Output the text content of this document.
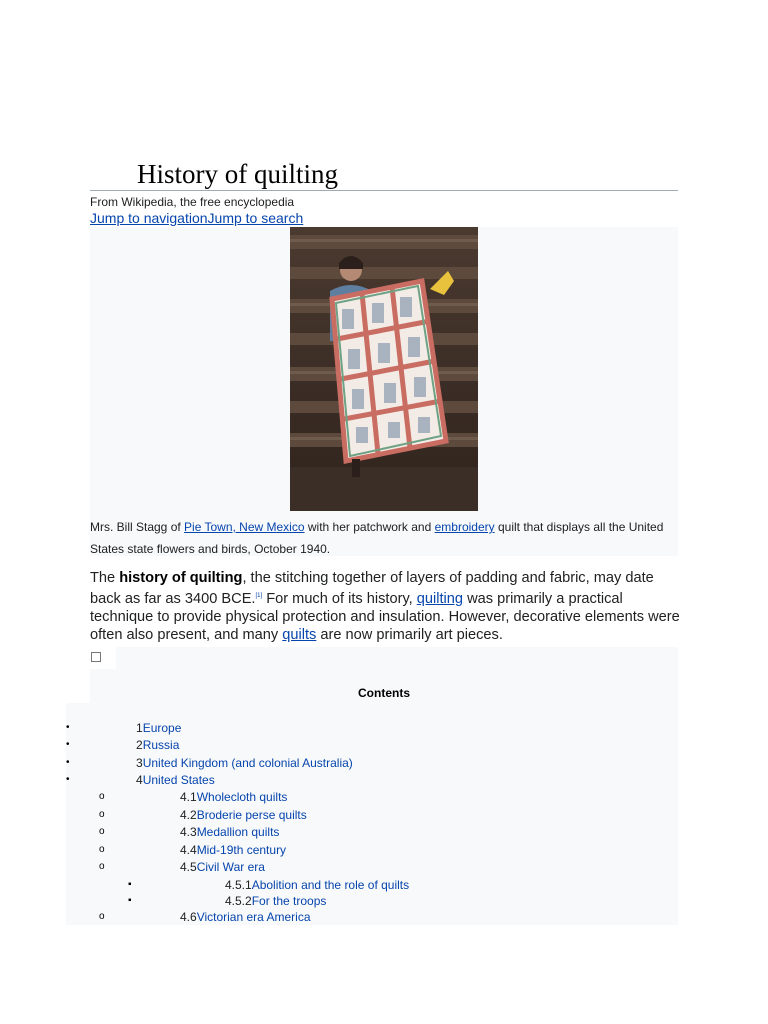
History of quilting
From Wikipedia, the free encyclopedia
Jump to navigationJump to search
Mrs. Bill Stagg of Pie Town, New Mexico with her patchwork and embroidery quilt that displays all the United States state flowers and birds, October 1940.
The history of quilting, the stitching together of layers of padding and fabric, may date back as far as 3400 BCE.[1] For much of its history, quilting was primarily a practical technique to provide physical protection and insulation. However, decorative elements were often also present, and many quilts are now primarily art pieces.
Contents
•	1Europe
•	2Russia
•	3United Kingdom (and colonial Australia)
•	4United States
o	4.1Wholecloth quilts
o	4.2Broderie perse quilts
o	4.3Medallion quilts
o	4.4Mid-19th century
o	4.5Civil War era
▪	4.5.1Abolition and the role of quilts
▪	4.5.2For the troops
o	4.6Victorian era America
